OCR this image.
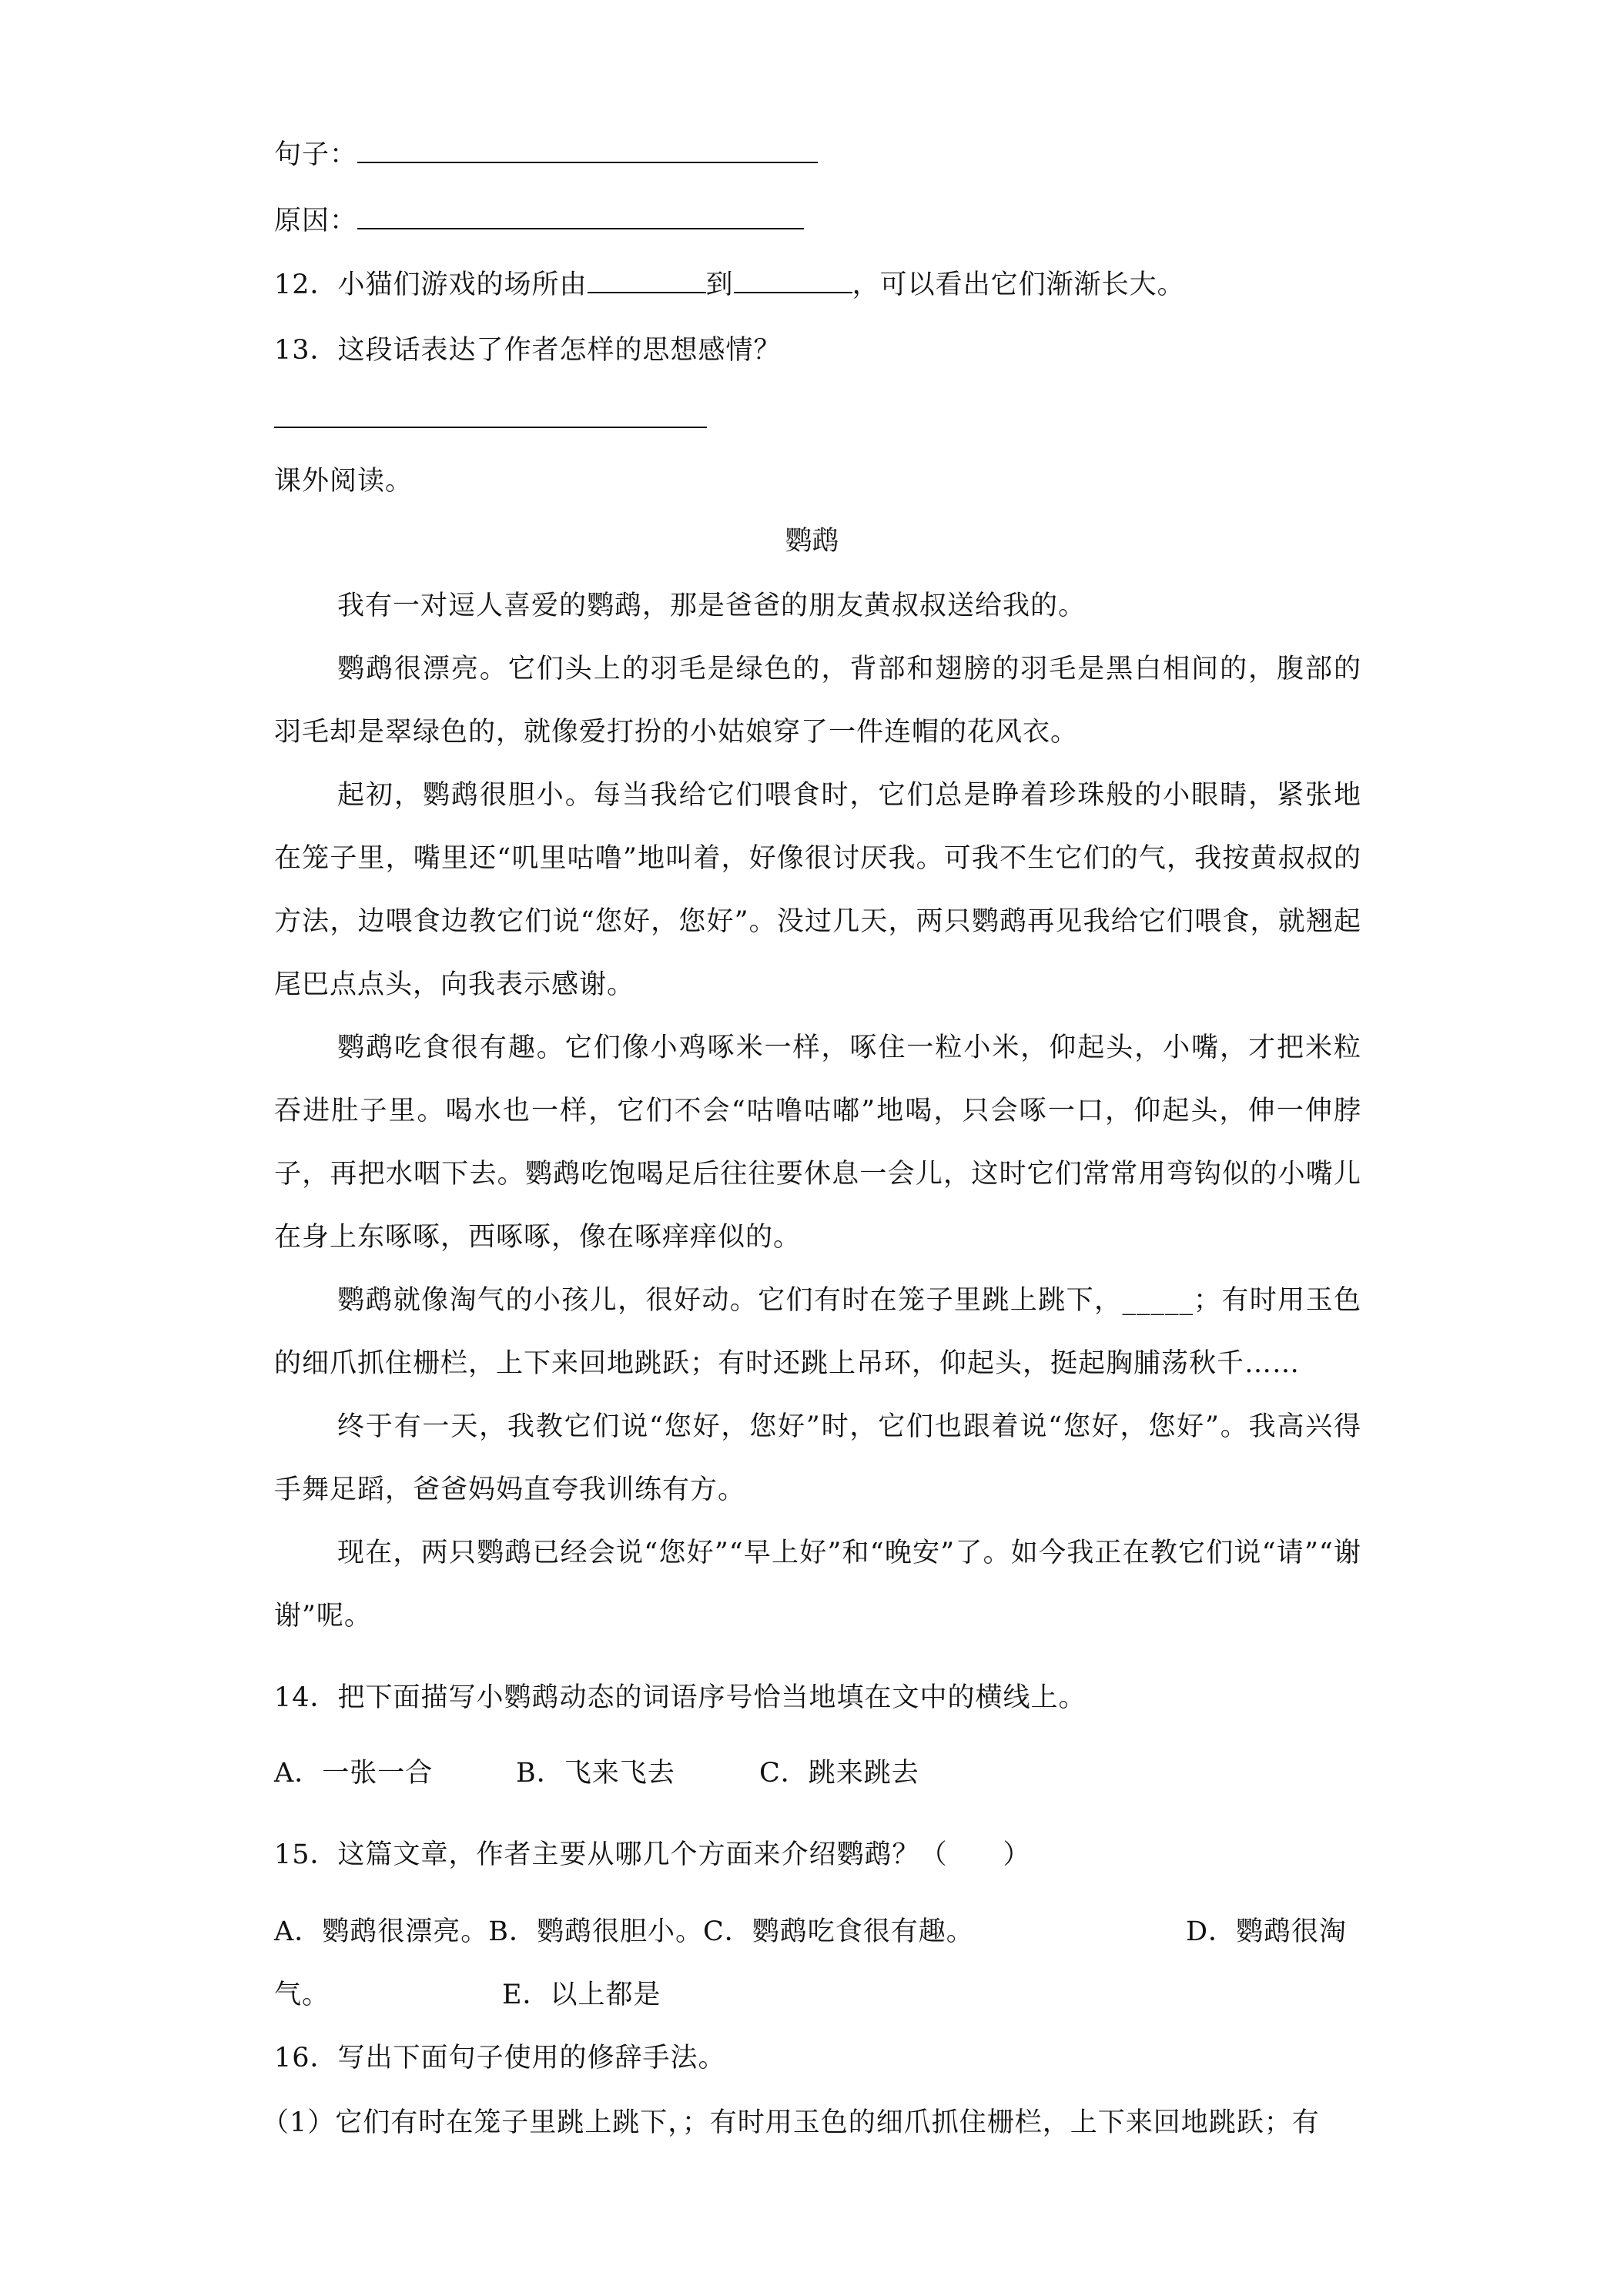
句子：
原因：
12．小猫们游戏的场所由	到	，可以看出它们渐渐长大。
13．这段话表达了作者怎样的思想感情？
课外阅读。
鹦鹉
我有一对逗人喜爱的鹦鹉，那是爸爸的朋友黄叔叔送给我的。
鹦鹉很漂亮。它们头上的羽毛是绿色的，背部和翅膀的羽毛是黑白相间的，腹部的羽毛却是翠绿色的，就像爱打扮的小姑娘穿了一件连帽的花风衣。
起初，鹦鹉很胆小。每当我给它们喂食时，它们总是睁着珍珠般的小眼睛，紧张地在笼子里，嘴里还“叽里咕噜”地叫着，好像很讨厌我。可我不生它们的气，我按黄叔叔的方法，边喂食边教它们说“您好，您好”。没过几天，两只鹦鹉再见我给它们喂食，就翘起尾巴点点头，向我表示感谢。
鹦鹉吃食很有趣。它们像小鸡啄米一样，啄住一粒小米，仰起头，小嘴，才把米粒吞进肚子里。喝水也一样，它们不会“咕噜咕嘟”地喝，只会啄一口，仰起头，伸一伸脖子，再把水咽下去。鹦鹉吃饱喝足后往往要休息一会儿，这时它们常常用弯钩似的小嘴儿在身上东啄啄，西啄啄，像在啄痒痒似的。
鹦鹉就像淘气的小孩儿，很好动。它们有时在笼子里跳上跳下，_____；有时用玉色的细爪抓住栅栏，上下来回地跳跃；有时还跳上吊环，仰起头，挺起胸脯荡秋千……
终于有一天，我教它们说“您好，您好”时，它们也跟着说“您好，您好”。我高兴得手舞足蹈，爸爸妈妈直夸我训练有方。
现在，两只鹦鹉已经会说“您好”“早上好”和“晚安”了。如今我正在教它们说“请”“谢谢”呢。
14．把下面描写小鹦鹉动态的词语序号恰当地填在文中的横线上。
A．一张一合	B．飞来飞去	C．跳来跳去
15．这篇文章，作者主要从哪几个方面来介绍鹦鹉？（　　）
A．鹦鹉很漂亮。B．鹦鹉很胆小。C．鹦鹉吃食很有趣。	D．鹦鹉很淘
气。	E．以上都是
16．写出下面句子使用的修辞手法。
（1）它们有时在笼子里跳上跳下，；有时用玉色的细爪抓住栅栏，上下来回地跳跃；有
